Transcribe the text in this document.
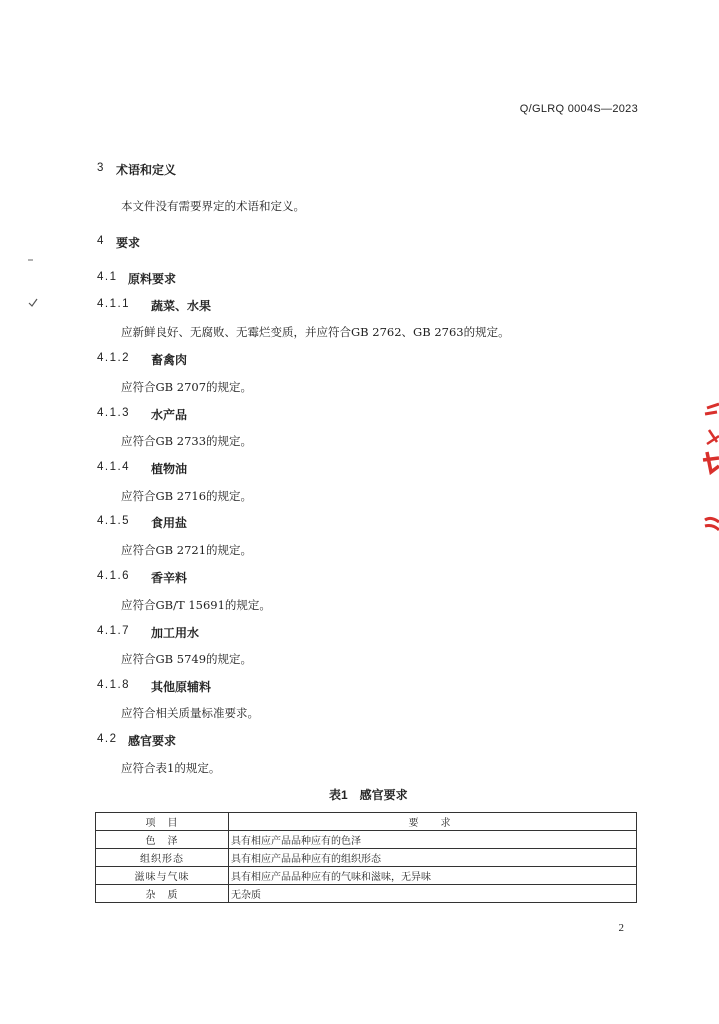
Q/GLRQ 0004S—2023
3 术语和定义
本文件没有需要界定的术语和定义。
4 要求
4.1 原料要求
4.1.1 蔬菜、水果
应新鲜良好、无腐败、无霉烂变质，并应符合GB 2762、GB 2763的规定。
4.1.2 畜禽肉
应符合GB 2707的规定。
4.1.3 水产品
应符合GB 2733的规定。
4.1.4 植物油
应符合GB 2716的规定。
4.1.5 食用盐
应符合GB 2721的规定。
4.1.6 香辛料
应符合GB/T 15691的规定。
4.1.7 加工用水
应符合GB 5749的规定。
4.1.8 其他原辅料
应符合相关质量标准要求。
4.2 感官要求
应符合表1的规定。
表1　感官要求
项　目	要　求
色　泽	具有相应产品品种应有的色泽
组织形态	具有相应产品品种应有的组织形态
滋味与气味	具有相应产品品种应有的气味和滋味，无异味
杂　质	无杂质
2
